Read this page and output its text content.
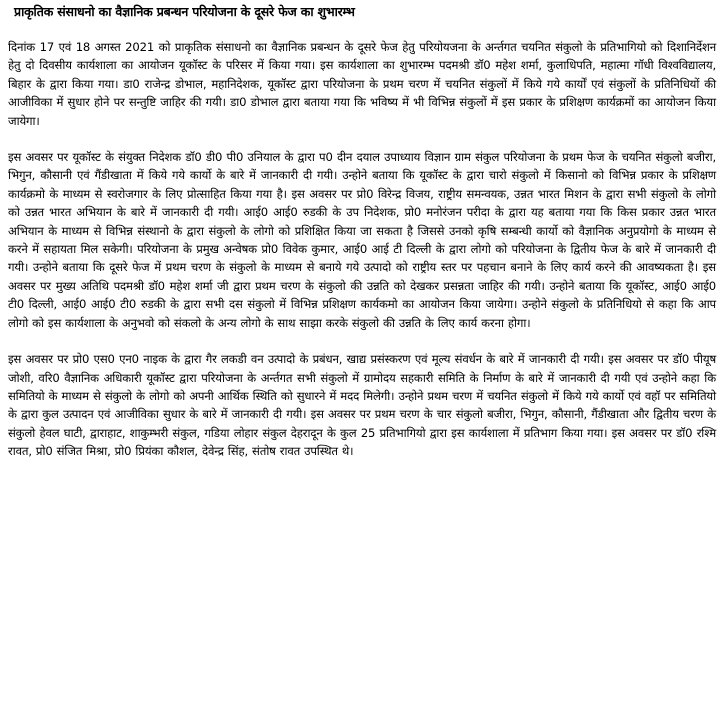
प्राकृतिक संसाधनो का वैज्ञानिक प्रबन्धन परियोजना के दूसरे फेज का शुभारम्भ

दिनांक 17 एवं 18 अगस्त 2021 को प्राकृतिक संसाधनो का वैज्ञानिक प्रबन्धन के दूसरे फेज हेतु परियोयजना के अर्न्तगत चयनित संकुलो के प्रतिभागियो को दिशानिर्देशन हेतु दो दिवसीय कार्यशाला का आयोजन यूकॉस्ट के परिसर में किया गया। इस कार्यशाला का शुभारम्भ पदमश्री डॉ0 महेश शर्मा, कुलाधिपति, महात्मा गॉधी विश्वविद्यालय, बिहार के द्वारा किया गया। डा0 राजेन्द्र डोभाल, महानिदेशक, यूकॉस्ट द्वारा परियोजना के प्रथम चरण में चयनित संकुलों में किये गये कार्यों एवं संकुलों के प्रतिनिधियों की आजीविका में सुधार होने पर सन्तुष्टि जाहिर की गयी। डा0 डोभाल द्वारा बताया गया कि भविष्य में भी विभिन्न संकुलों में इस प्रकार के प्रशिक्षण कार्यक्रमों का आयोजन किया जायेगा।

इस अवसर पर यूकॉस्ट के संयुक्त निदेशक डॉ0 डी0 पी0 उनियाल के द्वारा प0 दीन दयाल उपाध्याय विज्ञान ग्राम संकुल परियोजना के प्रथम फेज के चयनित संकुलो बजीरा, भिगुन, कौसानी एवं गैंडीखाता में किये गये कार्यो के बारे में जानकारी दी गयी। उन्होने बताया कि यूकॉस्ट के द्वारा चारो संकुलो में किसानो को विभिन्न प्रकार के प्रशिक्षण कार्यक्रमो के माध्यम से स्वरोजगार के लिए प्रोत्साहित किया गया है। इस अवसर पर प्रो0 विरेन्द्र विजय, राष्ट्रीय समन्वयक, उन्नत भारत मिशन के द्वारा सभी संकुलो के लोगो को उन्नत भारत अभियान के बारे में जानकारी दी गयी। आई0 आई0 रुडकी के उप निदेशक, प्रो0 मनोरंजन परीदा के द्वारा यह बताया गया कि किस प्रकार उन्नत भारत अभियान के माध्यम से विभिन्न संस्थानो के द्वारा संकुलो के लोगो को प्रशिक्षित किया जा सकता है जिससे उनको कृषि सम्बन्धी कार्यो को वैज्ञानिक अनुप्रयोगो के माध्यम से करने में सहायता मिल सकेगी। परियोजना के प्रमुख अन्वेषक प्रो0 विवेक कुमार, आई0 आई टी दिल्ली के द्वारा लोगो को परियोजना के द्वितीय फेज के बारे में जानकारी दी गयी। उन्होने बताया कि दूसरे फेज में प्रथम चरण के संकुलो के माध्यम से बनाये गये उत्पादो को राष्ट्रीय स्तर पर पहचान बनाने के लिए कार्य करने की आवष्यकता है। इस अवसर पर मुख्य अतिथि पदमश्री डॉ0 महेश शर्मा जी द्वारा प्रथम चरण के संकुलो की उन्नति को देखकर प्रसन्नता जाहिर की गयी। उन्होने बताया कि यूकॉस्ट, आई0 आई0 टी0 दिल्ली, आई0 आई0 टी0 रुडकी के द्वारा सभी दस संकुलो में विभिन्न प्रशिक्षण कार्यकमो का आयोजन किया जायेगा। उन्होने संकुलो के प्रतिनिधियो से कहा कि आप लोगो को इस कार्यशाला के अनुभवो को संकलो के अन्य लोगो के साथ साझा करके संकुलो की उन्नति के लिए कार्य करना होगा।

इस अवसर पर प्रो0 एस0 एन0 नाइक के द्वारा गैर लकडी वन उत्पादो के प्रबंधन, खाद्य प्रसंस्करण एवं मूल्य संवर्धन के बारे में जानकारी दी गयी। इस अवसर पर डॉ0 पीयूष जोशी, वरि0 वैज्ञानिक अधिकारी यूकॉस्ट द्वारा परियोजना के अर्न्तगत सभी संकुलो में ग्रामोदय सहकारी समिति के निर्माण के बारे में जानकारी दी गयी एवं उन्होने कहा कि समितियो के माध्यम से संकुलो के लोगो को अपनी आर्थिक स्थिति को सुधारने में मदद मिलेगी। उन्होने प्रथम चरण में चयनित संकुलो में किये गये कार्यो एवं वहॉ पर समितियो के द्वारा कुल उत्पादन एवं आजीविका सुधार के बारे में जानकारी दी गयी। इस अवसर पर प्रथम चरण के चार संकुलो बजीरा, भिगुन, कौसानी, गैंडीखाता और द्वितीय चरण के संकुलो हेवल घाटी, द्वाराहाट, शाकुम्भरी संकुल, गडिया लोहार संकुल देहरादून के कुल 25 प्रतिभागियो द्वारा इस कार्यशाला में प्रतिभाग किया गया। इस अवसर पर डॉ0 रश्मि रावत, प्रो0 संजित मिश्रा, प्रो0 प्रियंका कौशल, देवेन्द्र सिंह, संतोष रावत उपस्थित थे।
